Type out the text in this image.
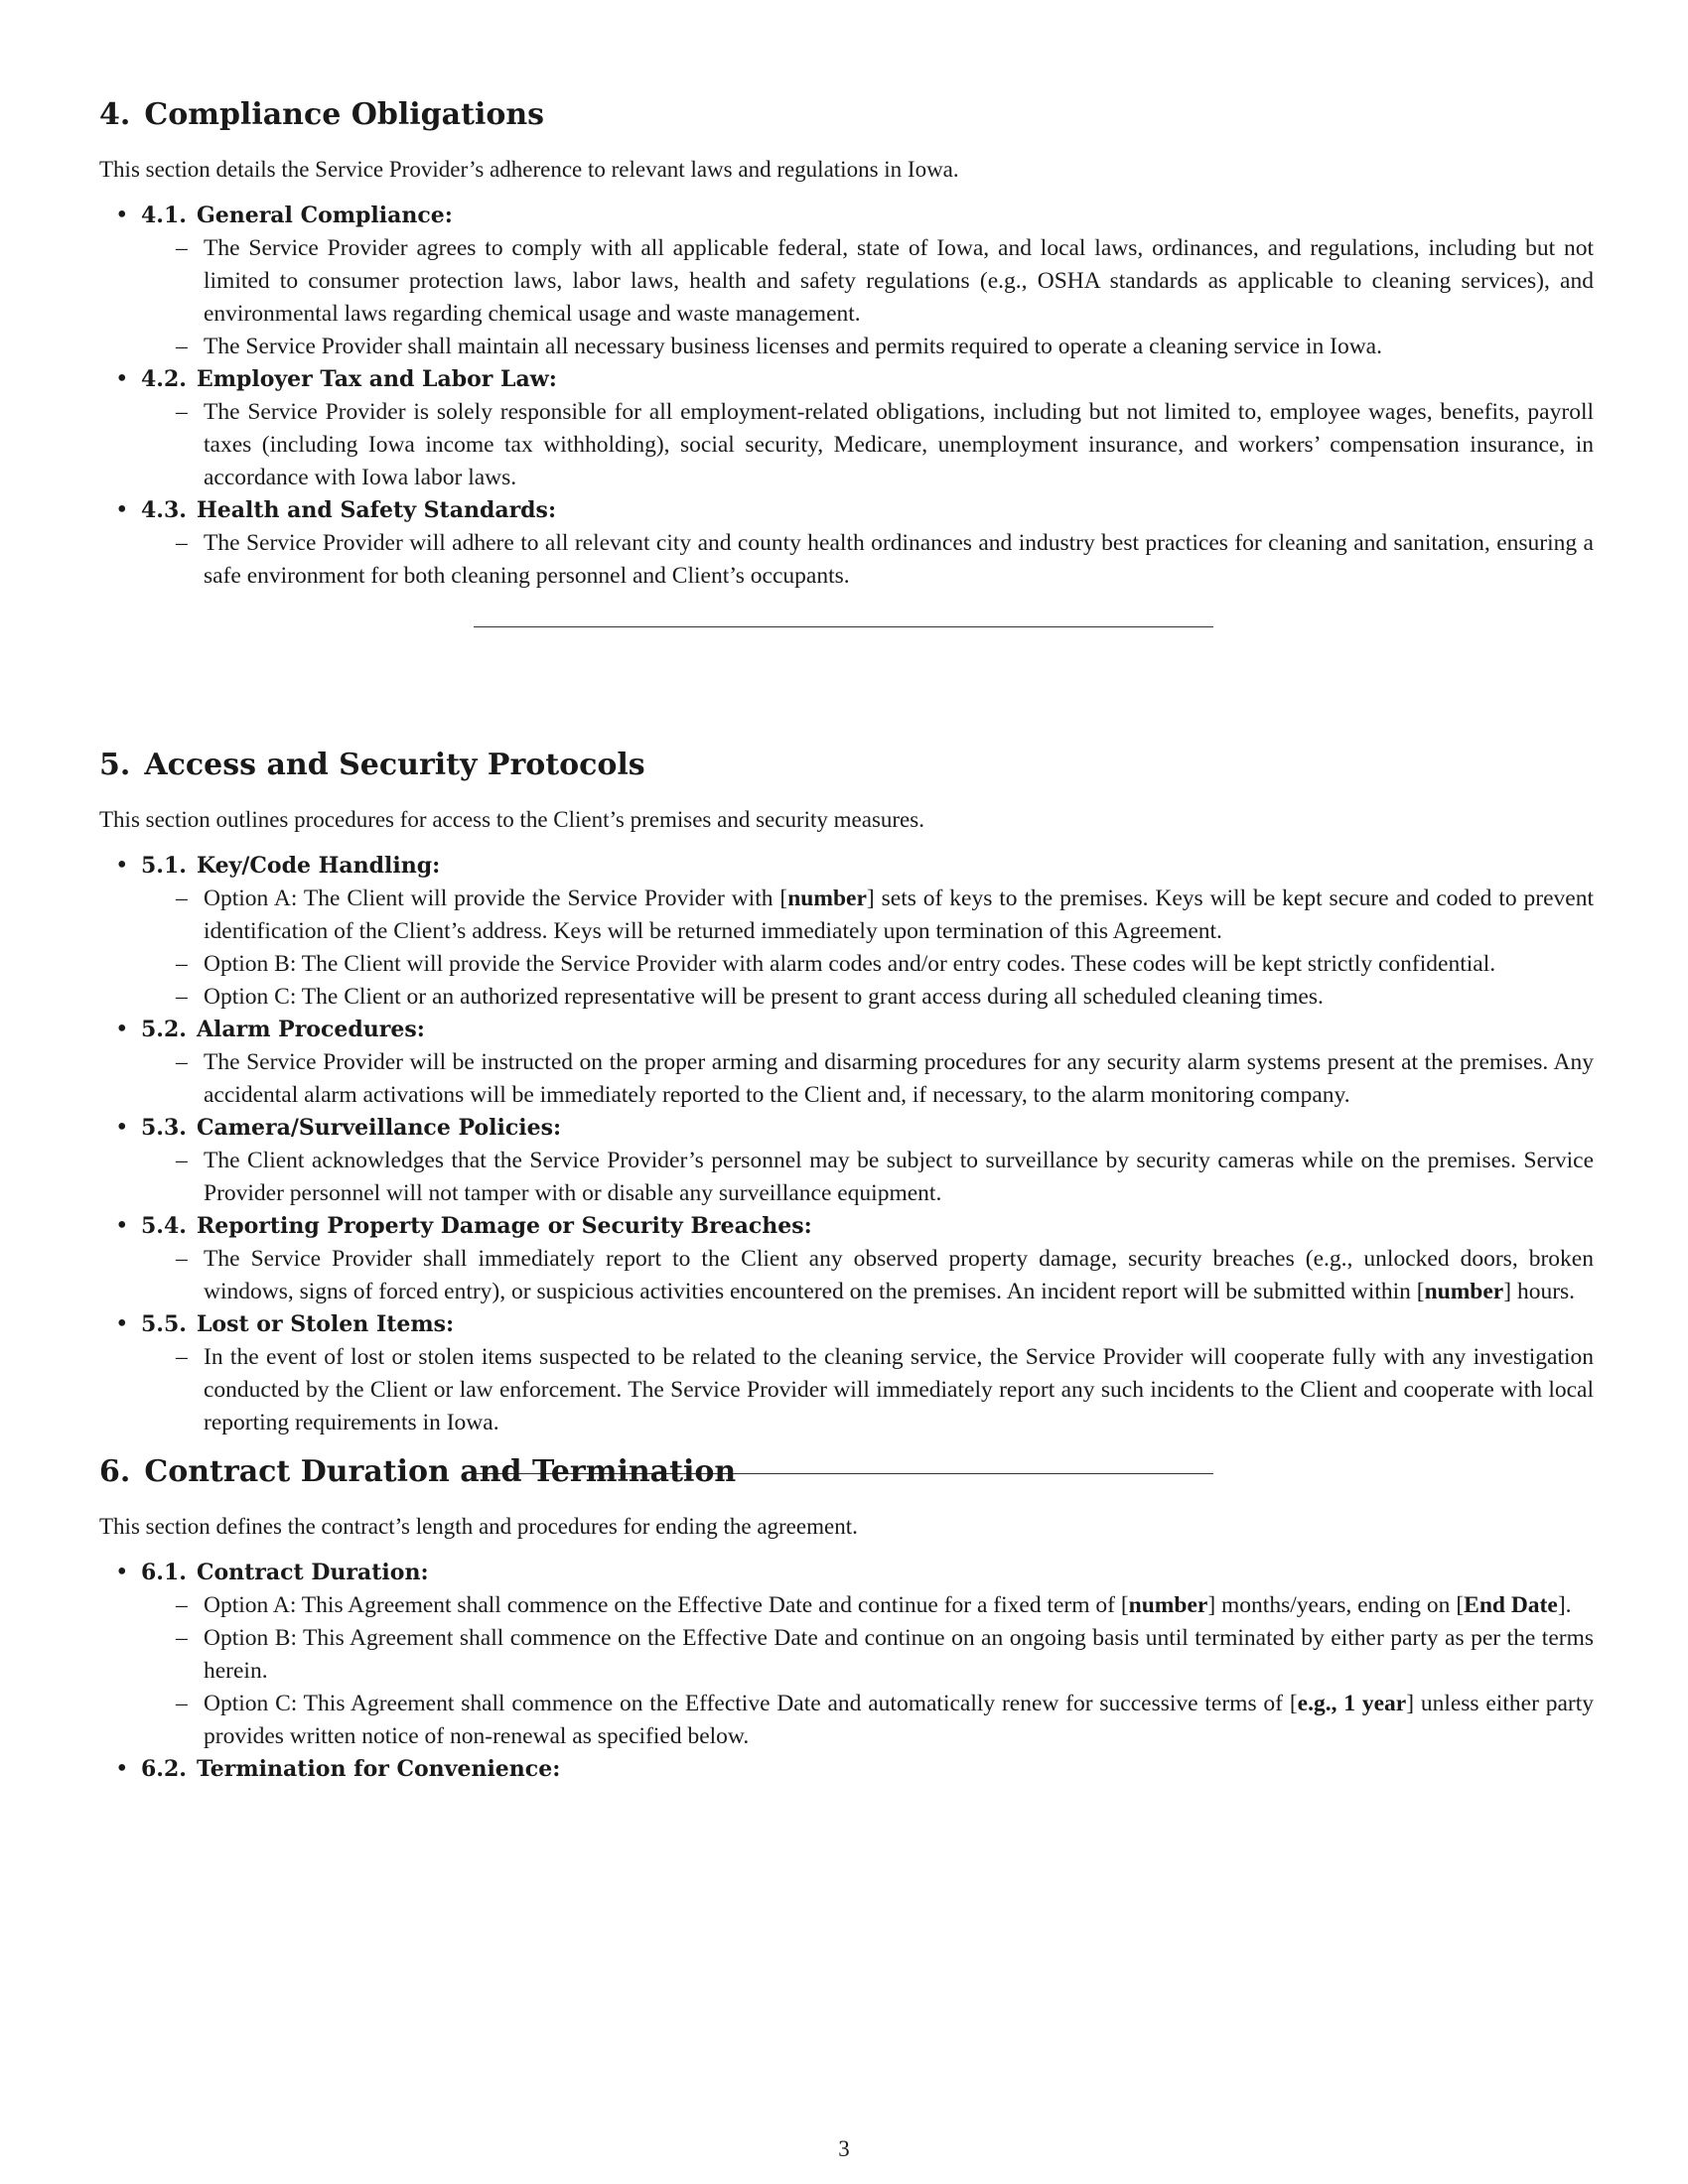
4. Compliance Obligations

This section details the Service Provider’s adherence to relevant laws and regulations in Iowa.

• 4.1. General Compliance:
– The Service Provider agrees to comply with all applicable federal, state of Iowa, and local laws, ordinances, and regulations, including but not limited to consumer protection laws, labor laws, health and safety regulations (e.g., OSHA standards as applicable to cleaning services), and environmental laws regarding chemical usage and waste management.
– The Service Provider shall maintain all necessary business licenses and permits required to operate a cleaning service in Iowa.
• 4.2. Employer Tax and Labor Law:
– The Service Provider is solely responsible for all employment-related obligations, including but not limited to, employee wages, benefits, payroll taxes (including Iowa income tax withholding), social security, Medicare, unemployment insurance, and workers’ compensation insurance, in accordance with Iowa labor laws.
• 4.3. Health and Safety Standards:
– The Service Provider will adhere to all relevant city and county health ordinances and industry best practices for cleaning and sanitation, ensuring a safe environment for both cleaning personnel and Client’s occupants.
5. Access and Security Protocols

This section outlines procedures for access to the Client’s premises and security measures.

• 5.1. Key/Code Handling:
– Option A: The Client will provide the Service Provider with [number] sets of keys to the premises. Keys will be kept secure and coded to prevent identification of the Client’s address. Keys will be returned immediately upon termination of this Agreement.
– Option B: The Client will provide the Service Provider with alarm codes and/or entry codes. These codes will be kept strictly confidential.
– Option C: The Client or an authorized representative will be present to grant access during all scheduled cleaning times.
• 5.2. Alarm Procedures:
– The Service Provider will be instructed on the proper arming and disarming procedures for any security alarm systems present at the premises. Any accidental alarm activations will be immediately reported to the Client and, if necessary, to the alarm monitoring company.
• 5.3. Camera/Surveillance Policies:
– The Client acknowledges that the Service Provider’s personnel may be subject to surveillance by security cameras while on the premises. Service Provider personnel will not tamper with or disable any surveillance equipment.
• 5.4. Reporting Property Damage or Security Breaches:
– The Service Provider shall immediately report to the Client any observed property damage, security breaches (e.g., unlocked doors, broken windows, signs of forced entry), or suspicious activities encountered on the premises. An incident report will be submitted within [number] hours.
• 5.5. Lost or Stolen Items:
– In the event of lost or stolen items suspected to be related to the cleaning service, the Service Provider will cooperate fully with any investigation conducted by the Client or law enforcement. The Service Provider will immediately report any such incidents to the Client and cooperate with local reporting requirements in Iowa.
6. Contract Duration and Termination

This section defines the contract’s length and procedures for ending the agreement.

• 6.1. Contract Duration:
– Option A: This Agreement shall commence on the Effective Date and continue for a fixed term of [number] months/years, ending on [End Date].
– Option B: This Agreement shall commence on the Effective Date and continue on an ongoing basis until terminated by either party as per the terms herein.
– Option C: This Agreement shall commence on the Effective Date and automatically renew for successive terms of [e.g., 1 year] unless either party provides written notice of non-renewal as specified below.
• 6.2. Termination for Convenience:
3
